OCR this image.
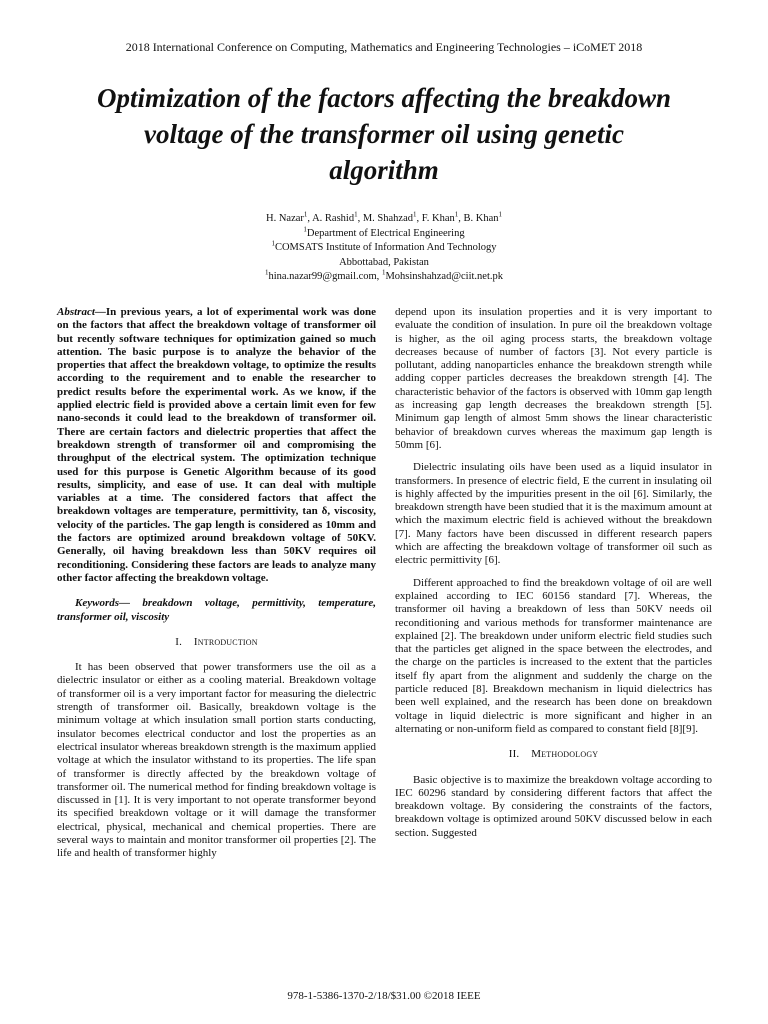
2018 International Conference on Computing, Mathematics and Engineering Technologies – iCoMET 2018
Optimization of the factors affecting the breakdown
voltage of the transformer oil using genetic
algorithm
H. Nazar$^1$, A. Rashid$^1$, M. Shahzad$^1$, F. Khan$^1$, B. Khan$^1$
$^1$Department of Electrical Engineering
$^1$COMSATS Institute of Information And Technology
Abbottabad, Pakistan
$^1$hina.nazar99@gmail.com, $^1$Mohsinshahzad@ciit.net.pk

Abstract—In previous years, a lot of experimental work was done on the factors that affect the breakdown voltage of transformer oil but recently software techniques for optimization gained so much attention. The basic purpose is to analyze the behavior of the properties that affect the breakdown voltage, to optimize the results according to the requirement and to enable the researcher to predict results before the experimental work. As we know, if the applied electric field is provided above a certain limit even for few nano-seconds it could lead to the breakdown of transformer oil. There are certain factors and dielectric properties that affect the breakdown strength of transformer oil and compromising the throughput of the electrical system. The optimization technique used for this purpose is Genetic Algorithm because of its good results, simplicity, and ease of use. It can deal with multiple variables at a time. The considered factors that affect the breakdown voltages are temperature, permittivity, tan δ, viscosity, velocity of the particles. The gap length is considered as 10mm and the factors are optimized around breakdown voltage of 50KV. Generally, oil having breakdown less than 50KV requires oil reconditioning. Considering these factors are leads to analyze many other factor affecting the breakdown voltage.

Keywords— breakdown voltage, permittivity, temperature, transformer oil, viscosity

I. Introduction

It has been observed that power transformers use the oil as a dielectric insulator or either as a cooling material. Breakdown voltage of transformer oil is a very important factor for measuring the dielectric strength of transformer oil. Basically, breakdown voltage is the minimum voltage at which insulation small portion starts conducting, insulator becomes electrical conductor and lost the properties as an electrical insulator whereas breakdown strength is the maximum applied voltage at which the insulator withstand to its properties. The life span of transformer is directly affected by the breakdown voltage of transformer oil. The numerical method for finding breakdown voltage is discussed in [1]. It is very important to not operate transformer beyond its specified breakdown voltage or it will damage the transformer electrical, physical, mechanical and chemical properties. There are several ways to maintain and monitor transformer oil properties [2]. The life and health of transformer highly

depend upon its insulation properties and it is very important to evaluate the condition of insulation. In pure oil the breakdown voltage is higher, as the oil aging process starts, the breakdown voltage decreases because of number of factors [3]. Not every particle is pollutant, adding nanoparticles enhance the breakdown strength while adding copper particles decreases the breakdown strength [4]. The characteristic behavior of the factors is observed with 10mm gap length as increasing gap length decreases the breakdown strength [5]. Minimum gap length of almost 5mm shows the linear characteristic behavior of breakdown curves whereas the maximum gap length is 50mm [6].

Dielectric insulating oils have been used as a liquid insulator in transformers. In presence of electric field, E the current in insulating oil is highly affected by the impurities present in the oil [6]. Similarly, the breakdown strength have been studied that it is the maximum amount at which the maximum electric field is achieved without the breakdown [7]. Many factors have been discussed in different research papers which are affecting the breakdown voltage of transformer oil such as electric permittivity [6].

Different approached to find the breakdown voltage of oil are well explained according to IEC 60156 standard [7]. Whereas, the transformer oil having a breakdown of less than 50KV needs oil reconditioning and various methods for transformer maintenance are explained [2]. The breakdown under uniform electric field studies such that the particles get aligned in the space between the electrodes, and the charge on the particles is increased to the extent that the particles itself fly apart from the alignment and suddenly the charge on the particle reduced [8]. Breakdown mechanism in liquid dielectrics has been well explained, and the research has been done on breakdown voltage in liquid dielectric is more significant and higher in an alternating or non-uniform field as compared to constant field [8][9].

II. Methodology

Basic objective is to maximize the breakdown voltage according to IEC 60296 standard by considering different factors that affect the breakdown voltage. By considering the constraints of the factors, breakdown voltage is optimized around 50KV discussed below in each section. Suggested

978-1-5386-1370-2/18/$31.00 ©2018 IEEE
